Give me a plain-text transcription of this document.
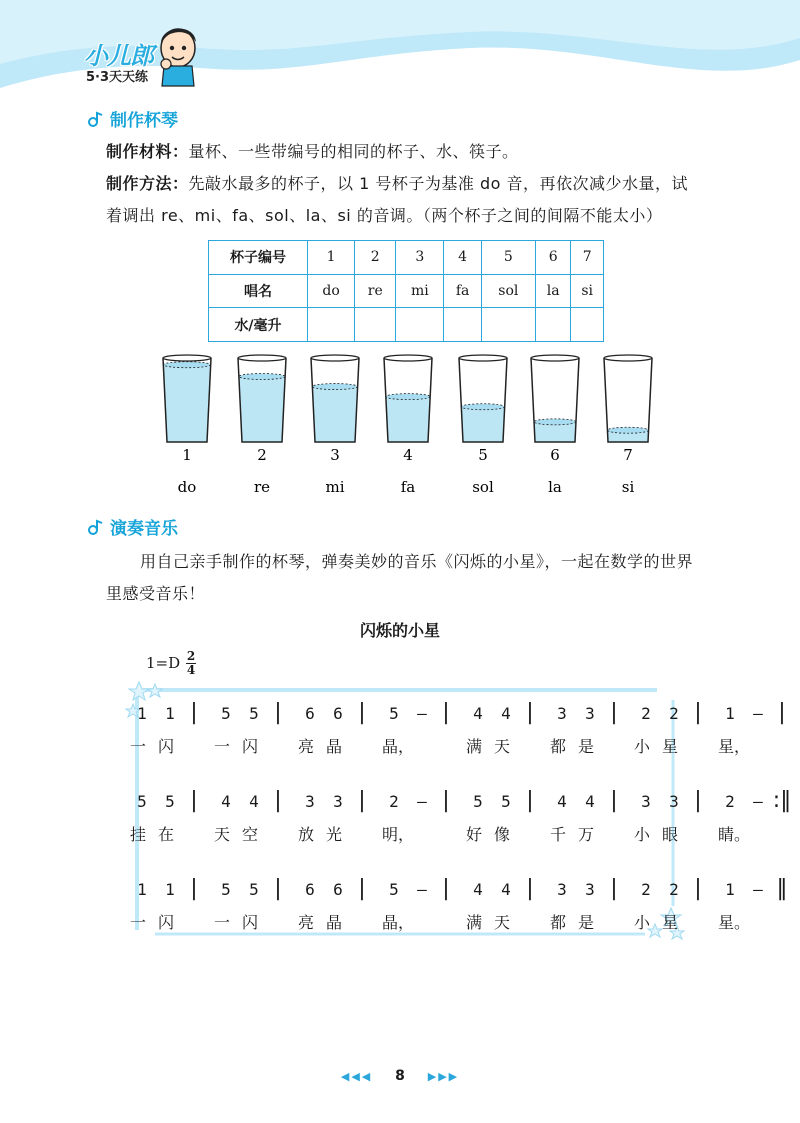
小儿郎
5·3天天练
制作杯琴
制作材料：量杯、一些带编号的相同的杯子、水、筷子。
制作方法：先敲水最多的杯子，以 1 号杯子为基准 do 音，再依次减少水量，试
着调出 re、mi、fa、sol、la、si 的音调。（两个杯子之间的间隔不能太小）
杯子编号	1	2	3	4	5	6	7
唱名	do	re	mi	fa	sol	la	si
水/毫升							
1
do
2
re
3
mi
4
fa
5
sol
6
la
7
si
演奏音乐
用自己亲手制作的杯琴，弹奏美妙的音乐《闪烁的小星》，一起在数学的世界
里感受音乐！
闪烁的小星
1=D 2
4
1	1 |	5	5 |	6	6 |	5	– |	4	4 |	3	3 |	2	2 |	1	– |
一 闪	一 闪	亮 晶	晶，	满 天	都 是	小 星	星，
5	5 |	4	4 |	3	3 |	2	– |	5	5 |	4	4 |	3	3 |	2	– :‖
挂 在	天 空	放 光	明，	好 像	千 万	小 眼	睛。
1	1 |	5	5 |	6	6 |	5	– |	4	4 |	3	3 |	2	2 |	1	– ‖
一 闪	一 闪	亮 晶	晶，	满 天	都 是	小 星	星。
◀◀◀ 8 ▶▶▶
